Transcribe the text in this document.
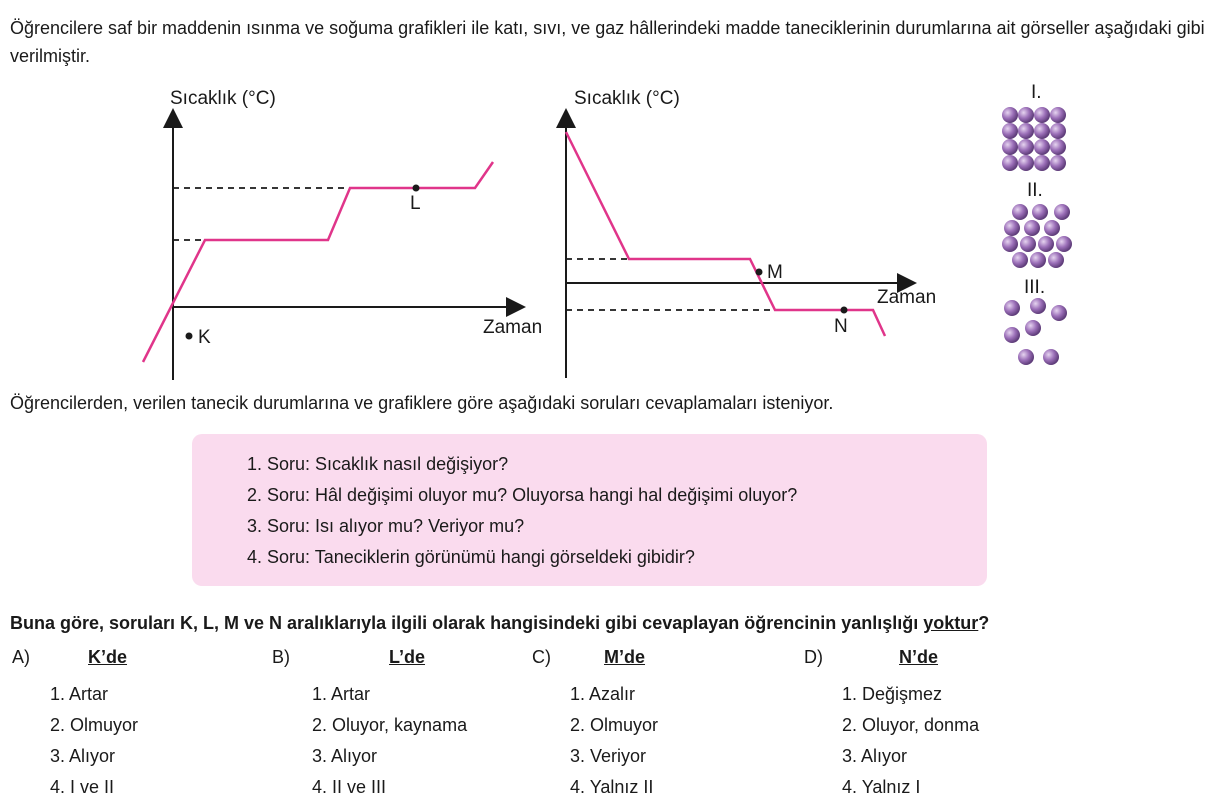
Öğrencilere saf bir maddenin ısınma ve soğuma grafikleri ile katı, sıvı, ve gaz hâllerindeki madde taneciklerinin durumlarına ait görseller aşağıdaki gibi verilmiştir.

Sıcaklık (°C)
Zaman
L
K
Sıcaklık (°C)
Zaman
M
N
I.
II.
III.

Öğrencilerden, verilen tanecik durumlarına ve grafiklere göre aşağıdaki soruları cevaplamaları isteniyor.

1. Soru: Sıcaklık nasıl değişiyor?
2. Soru: Hâl değişimi oluyor mu? Oluyorsa hangi hal değişimi oluyor?
3. Soru: Isı alıyor mu? Veriyor mu?
4. Soru: Taneciklerin görünümü hangi görseldeki gibidir?

Buna göre, soruları K, L, M ve N aralıklarıyla ilgili olarak hangisindeki gibi cevaplayan öğrencinin yanlışlığı yoktur?

A)	K’de
1. Artar
2. Olmuyor
3. Alıyor
4. I ve II
B)	L’de
1. Artar
2. Oluyor, kaynama
3. Alıyor
4. II ve III
C)	M’de
1. Azalır
2. Olmuyor
3. Veriyor
4. Yalnız II
D)	N’de
1. Değişmez
2. Oluyor, donma
3. Alıyor
4. Yalnız I
